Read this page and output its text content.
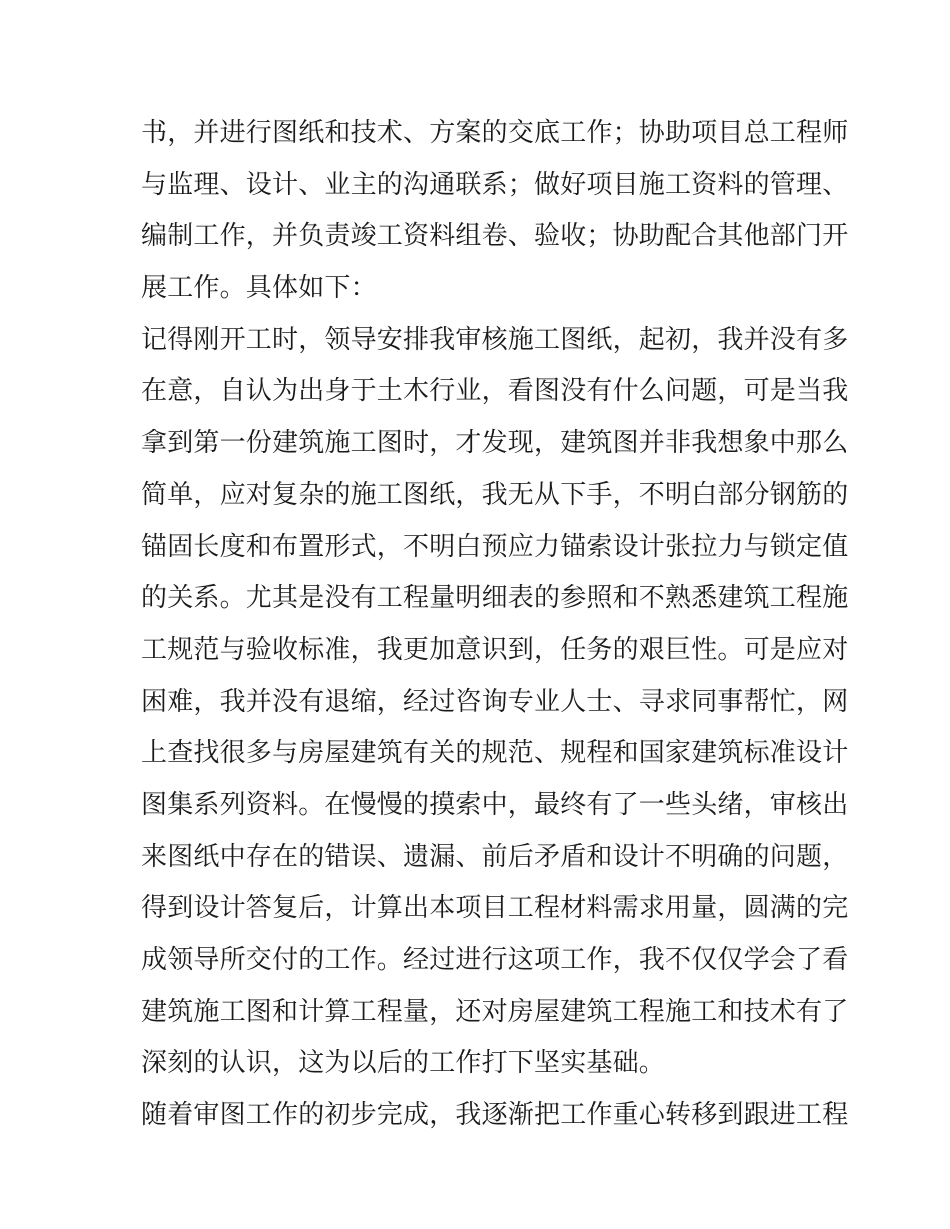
书，并进行图纸和技术、方案的交底工作；协助项目总工程师
与监理、设计、业主的沟通联系；做好项目施工资料的管理、
编制工作，并负责竣工资料组卷、验收；协助配合其他部门开
展工作。具体如下：
记得刚开工时，领导安排我审核施工图纸，起初，我并没有多
在意，自认为出身于土木行业，看图没有什么问题，可是当我
拿到第一份建筑施工图时，才发现，建筑图并非我想象中那么
简单，应对复杂的施工图纸，我无从下手，不明白部分钢筋的
锚固长度和布置形式，不明白预应力锚索设计张拉力与锁定值
的关系。尤其是没有工程量明细表的参照和不熟悉建筑工程施
工规范与验收标准，我更加意识到，任务的艰巨性。可是应对
困难，我并没有退缩，经过咨询专业人士、寻求同事帮忙，网
上查找很多与房屋建筑有关的规范、规程和国家建筑标准设计
图集系列资料。在慢慢的摸索中，最终有了一些头绪，审核出
来图纸中存在的错误、遗漏、前后矛盾和设计不明确的问题，
得到设计答复后，计算出本项目工程材料需求用量，圆满的完
成领导所交付的工作。经过进行这项工作，我不仅仅学会了看
建筑施工图和计算工程量，还对房屋建筑工程施工和技术有了
深刻的认识，这为以后的工作打下坚实基础。
随着审图工作的初步完成，我逐渐把工作重心转移到跟进工程
